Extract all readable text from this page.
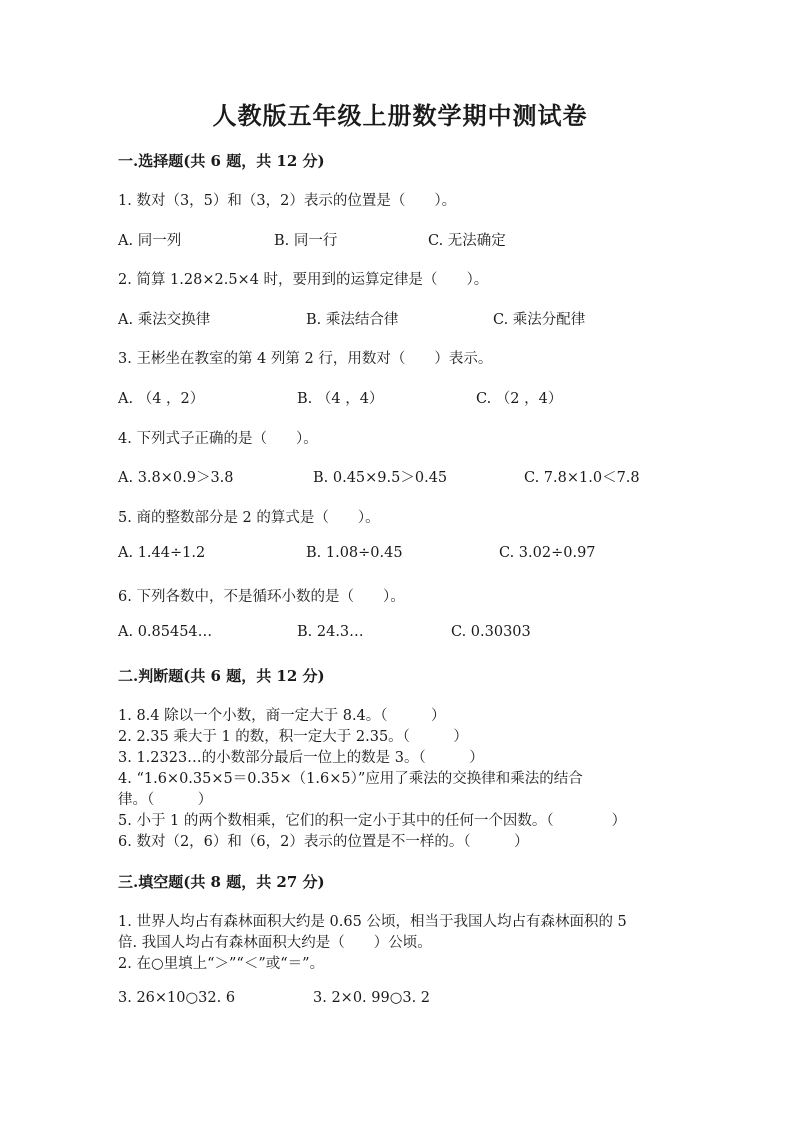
人教版五年级上册数学期中测试卷
一.选择题(共 6 题，共 12 分)
1. 数对（3，5）和（3，2）表示的位置是（　　）。
A. 同一列	B. 同一行	C. 无法确定
2. 简算 1.28×2.5×4 时，要用到的运算定律是（　　）。
A. 乘法交换律	B. 乘法结合律	C. 乘法分配律
3. 王彬坐在教室的第 4 列第 2 行，用数对（　　）表示。
A. （4 ，2）	B. （4 ，4）	C. （2 ，4）
4. 下列式子正确的是（　　）。
A. 3.8×0.9＞3.8	B. 0.45×9.5＞0.45	C. 7.8×1.0＜7.8
5. 商的整数部分是 2 的算式是（　　）。
A. 1.44÷1.2	B. 1.08÷0.45	C. 3.02÷0.97
6. 下列各数中，不是循环小数的是（　　）。
A. 0.85454…	B. 24.3…	C. 0.30303
二.判断题(共 6 题，共 12 分)
1. 8.4 除以一个小数，商一定大于 8.4。（　　　）
2. 2.35 乘大于 1 的数，积一定大于 2.35。（　　　）
3. 1.2323…的小数部分最后一位上的数是 3。（　　　）
4. “1.6×0.35×5＝0.35×（1.6×5）”应用了乘法的交换律和乘法的结合
律。（　　　）
5. 小于 1 的两个数相乘，它们的积一定小于其中的任何一个因数。（　　　　）
6. 数对（2，6）和（6，2）表示的位置是不一样的。（　　　）
三.填空题(共 8 题，共 27 分)
1. 世界人均占有森林面积大约是 0.65 公顷，相当于我国人均占有森林面积的 5
倍. 我国人均占有森林面积大约是（　　）公顷。
2. 在○里填上“＞”“＜”或“＝”。
3. 26×10○32. 6	3. 2×0. 99○3. 2
